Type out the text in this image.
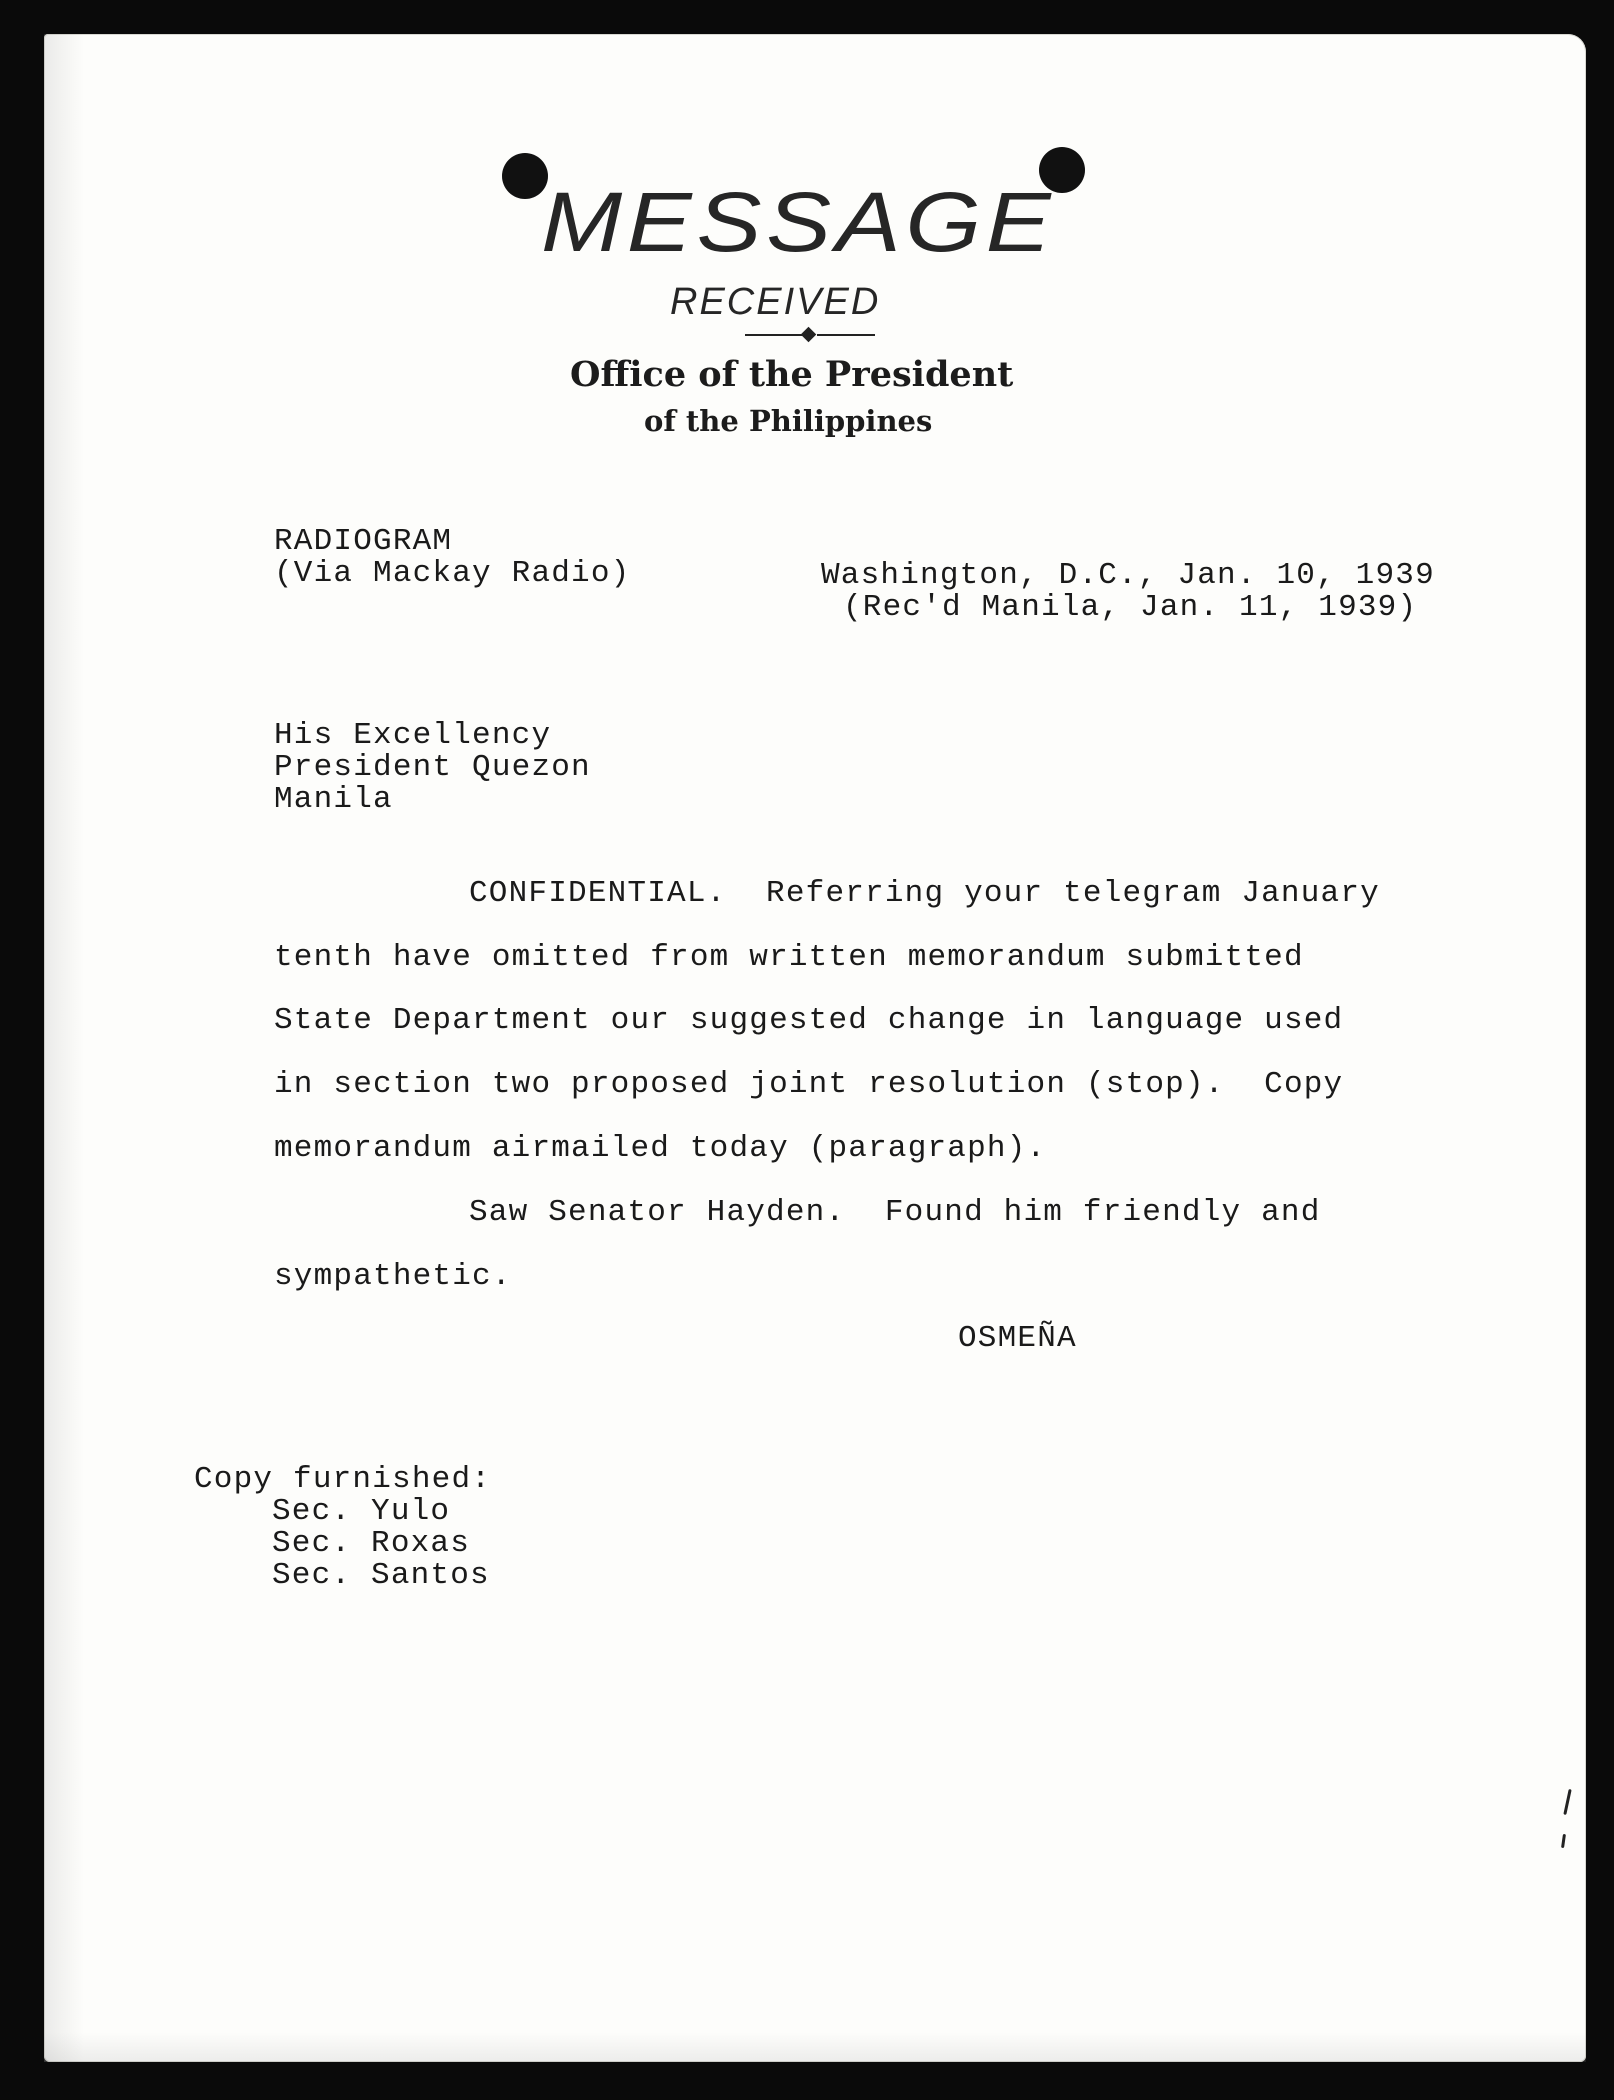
MESSAGE
RECEIVED
Office of the President
of the Philippines
RADIOGRAM
(Via Mackay Radio)	Washington, D.C., Jan. 10, 1939
(Rec'd Manila, Jan. 11, 1939)
His Excellency
President Quezon
Manila
CONFIDENTIAL.  Referring your telegram January
tenth have omitted from written memorandum submitted
State Department our suggested change in language used
in section two proposed joint resolution (stop).  Copy
memorandum airmailed today (paragraph).
Saw Senator Hayden.  Found him friendly and
sympathetic.
OSMEÑA
Copy furnished:
Sec. Yulo
Sec. Roxas
Sec. Santos
